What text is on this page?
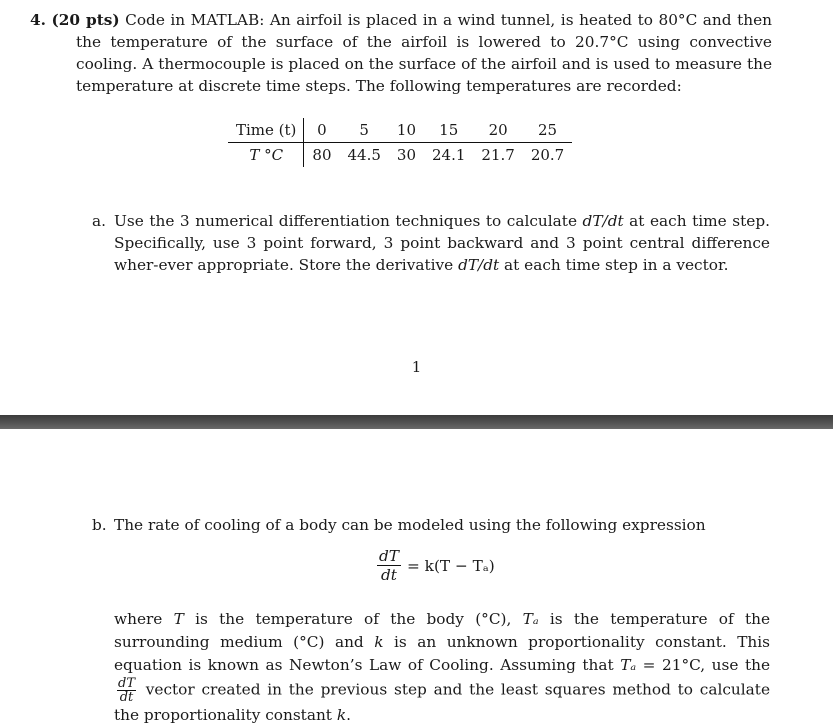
4. (20 pts) Code in MATLAB: An airfoil is placed in a wind tunnel, is heated to 80°C and then the temperature of the surface of the airfoil is lowered to 20.7°C using convective cooling. A thermocouple is placed on the surface of the airfoil and is used to measure the temperature at discrete time steps. The following temperatures are recorded:
Time (t)	0	5	10	15	20	25
T °C	80	44.5	30	24.1	21.7	20.7
a. Use the 3 numerical differentiation techniques to calculate dT/dt at each time step. Specifically, use 3 point forward, 3 point backward and 3 point central difference wher-ever appropriate. Store the derivative dT/dt at each time step in a vector.
1
b. The rate of cooling of a body can be modeled using the following expression
$\frac{dT}{dt} = k(T - T_a)$
where T is the temperature of the body (°C), Tₐ is the temperature of the surrounding medium (°C) and k is an unknown proportionality constant. This equation is known as Newton’s Law of Cooling. Assuming that Tₐ = 21°C, use the
$\frac{dT}{dt}$ vector created in the previous step and the least squares method to calculate the proportionality constant k.
